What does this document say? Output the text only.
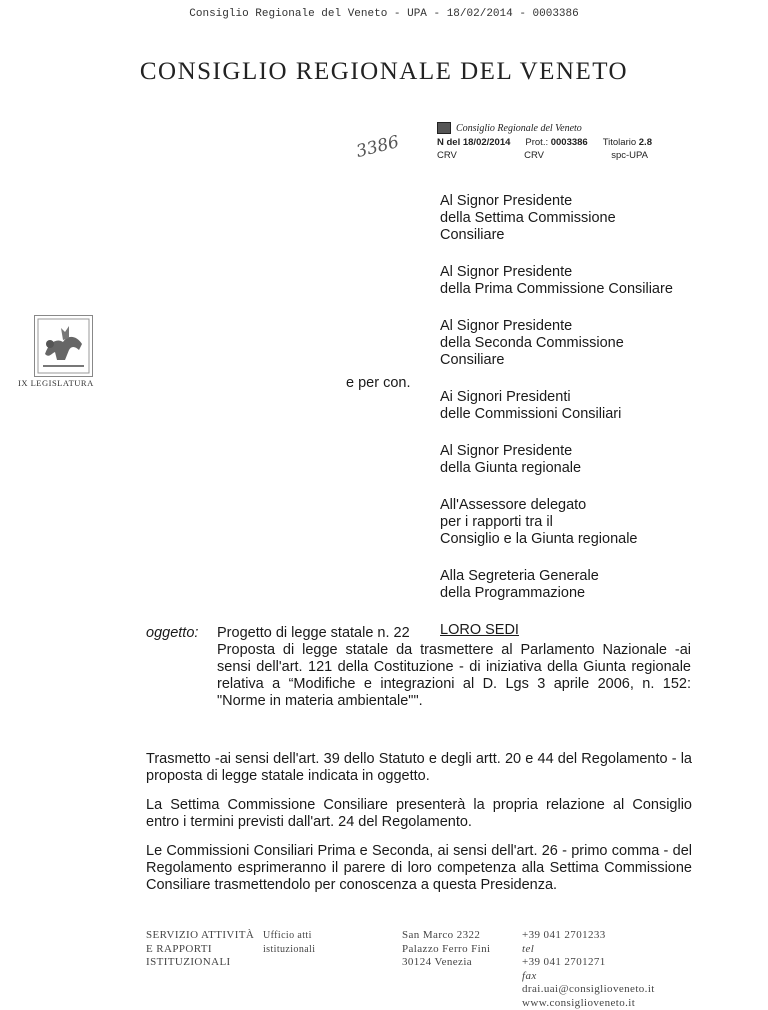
Consiglio Regionale del Veneto - UPA - 18/02/2014 - 0003386
CONSIGLIO REGIONALE DEL VENETO
3386
Consiglio Regionale del Veneto
N del 18/02/2014 Prot.: 0003386 Titolario 2.8
CRV	CRV	spc-UPA
IX LEGISLATURA	e per con.
Al Signor Presidente
della Settima Commissione
Consiliare
Al Signor Presidente
della Prima Commissione Consiliare
Al Signor Presidente
della Seconda Commissione
Consiliare
Ai Signori Presidenti
delle Commissioni Consiliari
Al Signor Presidente
della Giunta regionale
All'Assessore delegato
per i rapporti tra il
Consiglio e la Giunta regionale
Alla Segreteria Generale
della Programmazione
LORO SEDI
oggetto: Progetto di legge statale n. 22
Proposta di legge statale da trasmettere al Parlamento Nazionale -ai sensi dell'art. 121 della Costituzione - di iniziativa della Giunta regionale relativa a “Modifiche e integrazioni al D. Lgs 3 aprile 2006, n. 152: "Norme in materia ambientale"".
Trasmetto -ai sensi dell'art. 39 dello Statuto e degli artt. 20 e 44 del Regolamento - la proposta di legge statale indicata in oggetto.
La Settima Commissione Consiliare presenterà la propria relazione al Consiglio entro i termini previsti dall'art. 24 del Regolamento.
Le Commissioni Consiliari Prima e Seconda, ai sensi dell'art. 26 - primo comma - del Regolamento esprimeranno il parere di loro competenza alla Settima Commissione Consiliare trasmettendolo per conoscenza a questa Presidenza.
SERVIZIO ATTIVITÀ
E RAPPORTI
ISTITUZIONALI
Ufficio atti
istituzionali
San Marco 2322
Palazzo Ferro Fini
30124 Venezia
+39 041 2701233
tel
+39 041 2701271
fax
drai.uai@consiglioveneto.it
www.consiglioveneto.it
